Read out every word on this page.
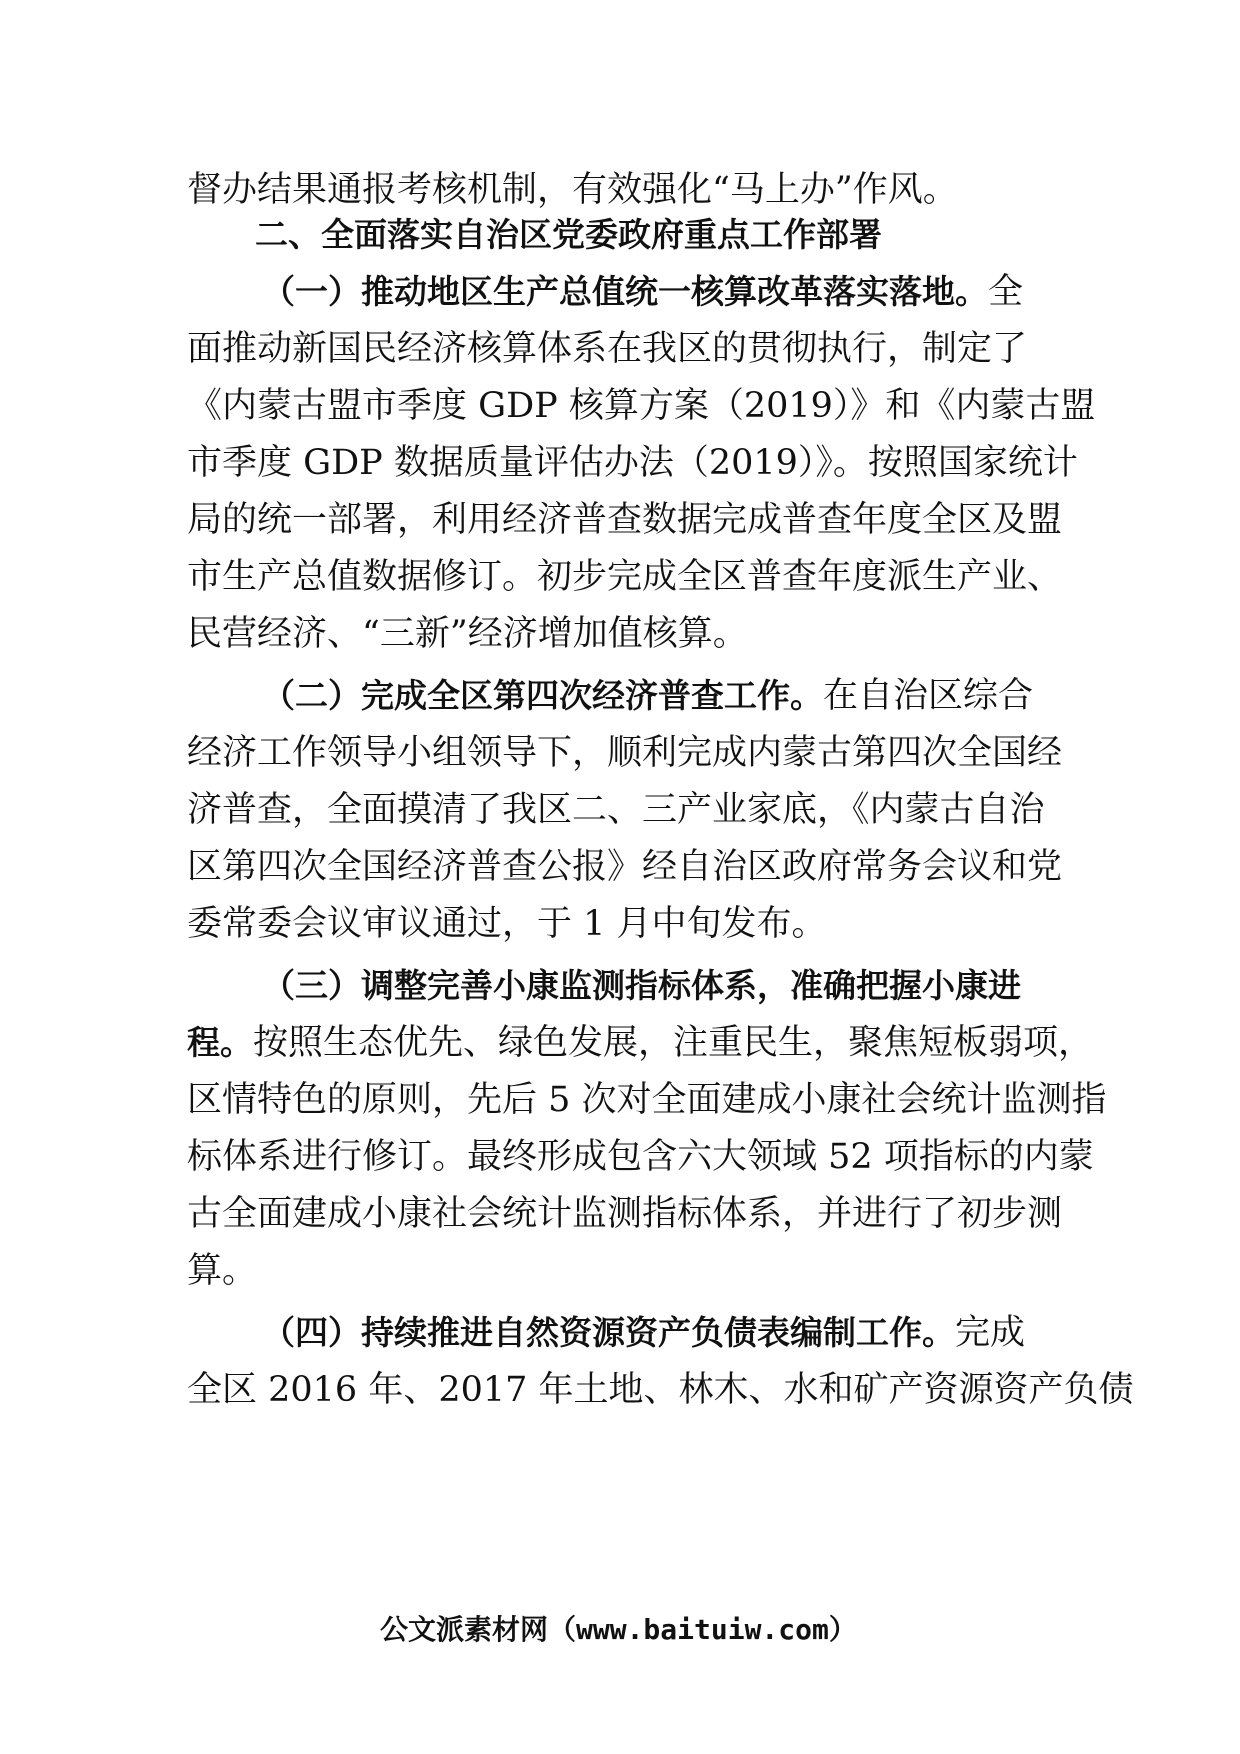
督办结果通报考核机制，有效强化“马上办”作风。
二、全面落实自治区党委政府重点工作部署
（一）推动地区生产总值统一核算改革落实落地。全
面推动新国民经济核算体系在我区的贯彻执行，制定了
《内蒙古盟市季度 GDP 核算方案（2019）》和《内蒙古盟
市季度 GDP 数据质量评估办法（2019）》。按照国家统计
局的统一部署，利用经济普查数据完成普查年度全区及盟
市生产总值数据修订。初步完成全区普查年度派生产业、
民营经济、“三新”经济增加值核算。
（二）完成全区第四次经济普查工作。在自治区综合
经济工作领导小组领导下，顺利完成内蒙古第四次全国经
济普查，全面摸清了我区二、三产业家底，《内蒙古自治
区第四次全国经济普查公报》经自治区政府常务会议和党
委常委会议审议通过，于 1 月中旬发布。
（三）调整完善小康监测指标体系，准确把握小康进
程。按照生态优先、绿色发展，注重民生，聚焦短板弱项，
区情特色的原则，先后 5 次对全面建成小康社会统计监测指
标体系进行修订。最终形成包含六大领域 52 项指标的内蒙
古全面建成小康社会统计监测指标体系，并进行了初步测
算。
（四）持续推进自然资源资产负债表编制工作。完成
全区 2016 年、2017 年土地、林木、水和矿产资源资产负债
公文派素材网（www.baituiw.com）
